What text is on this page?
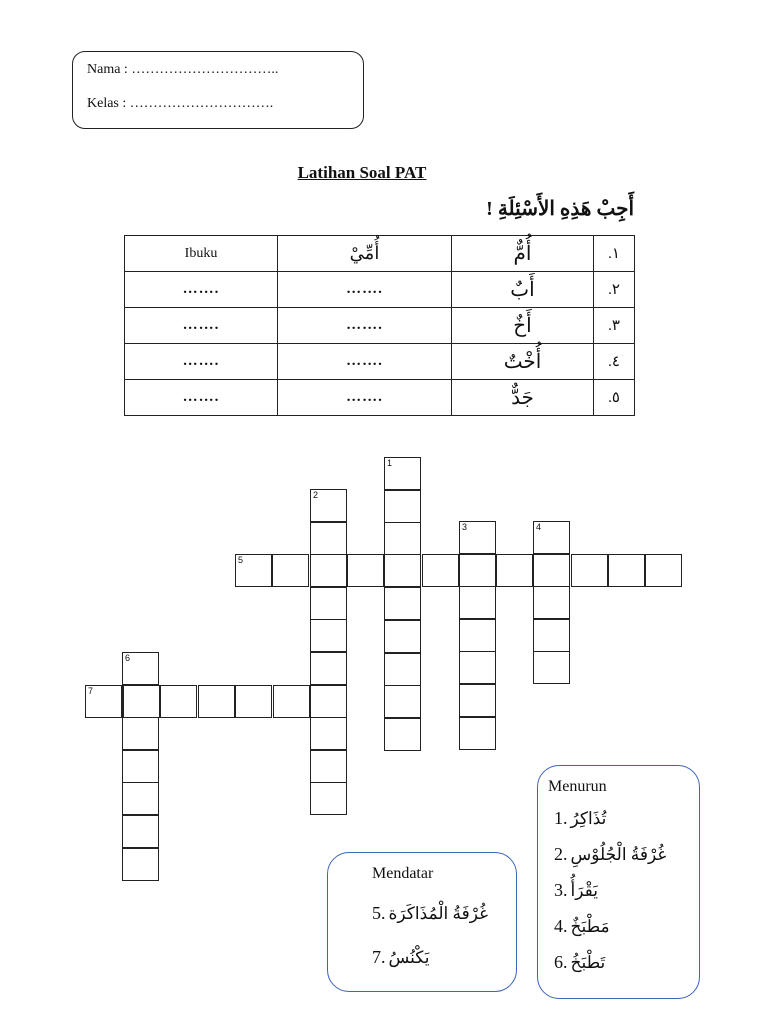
Nama : …………………………..
Kelas : ………………………….
Latihan Soal PAT
أَجِبْ هَذِهِ الأَسْئِلَةِ !
Ibuku	أُمِّيْ	أُمٌّ	١.
…….	…….	أَبٌ	٢.
…….	…….	أَخٌ	٣.
…….	…….	أُخْتٌ	٤.
…….	…….	جَدٌّ	٥.
1
2
3	4
5
6
7
Menurun
1. تُذَاكِرُ
2. غُرْفَةُ الْجُلُوْسِ
3. يَقْرَأُ
4. مَطْبَخٌ
6. تَطْبَخُ
Mendatar
5. غُرْفَةُ الْمُذَاكَرَة
7. يَكْنُسُ
